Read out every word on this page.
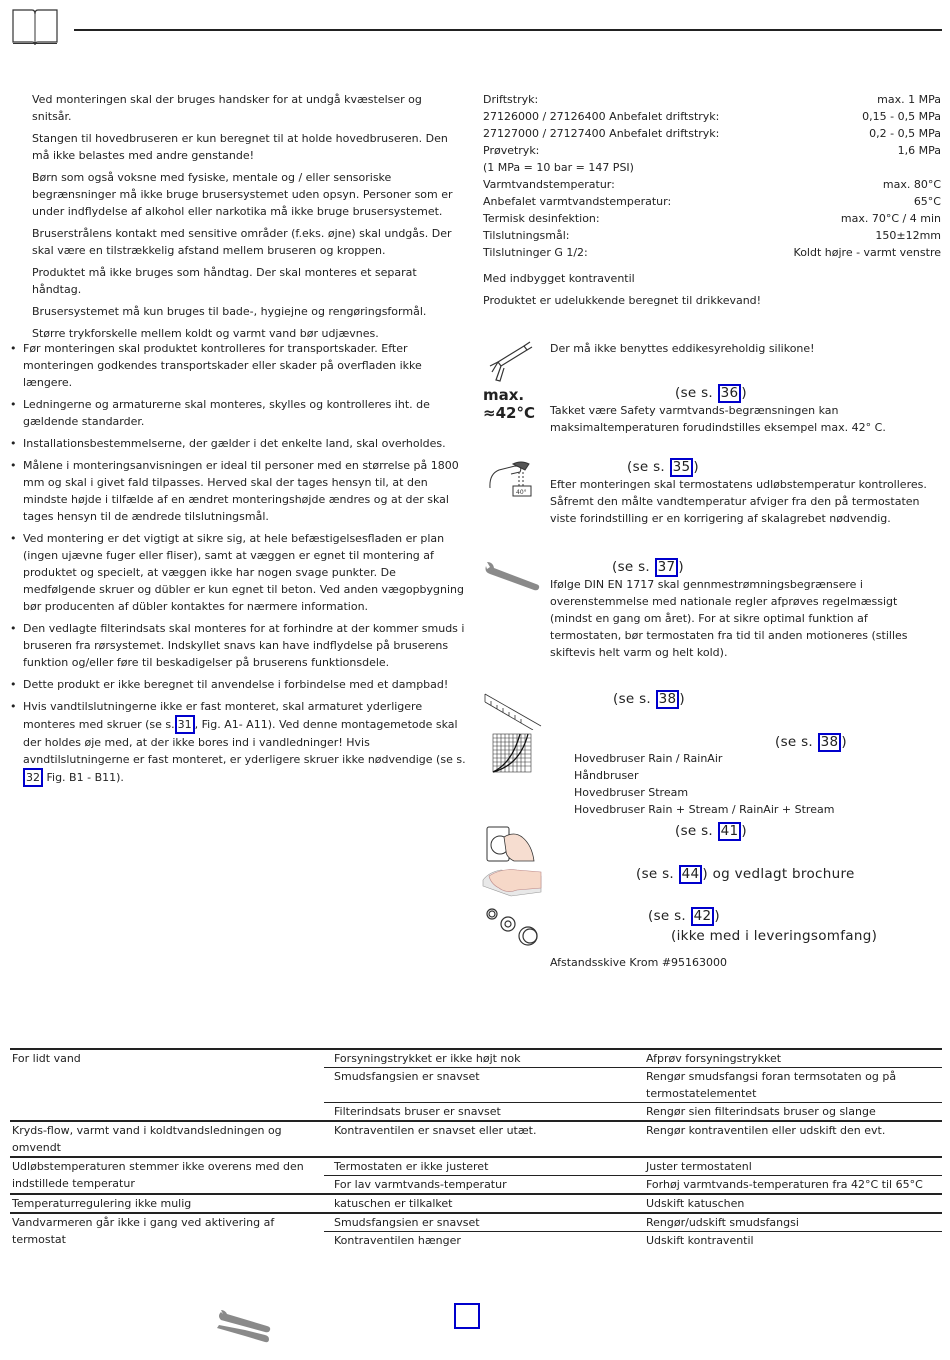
Ved monteringen skal der bruges handsker for at undgå kvæstelser og snitsår.

Stangen til hovedbruseren er kun beregnet til at holde hovedbruseren. Den må ikke belastes med andre genstande!

Børn som også voksne med fysiske, mentale og / eller sensoriske begrænsninger må ikke bruge brusersystemet uden opsyn. Personer som er under indflydelse af alkohol eller narkotika må ikke bruge brusersystemet.

Bruserstrålens kontakt med sensitive områder (f.eks. øjne) skal undgås. Der skal være en tilstrækkelig afstand mellem bruseren og kroppen.

Produktet må ikke bruges som håndtag. Der skal monteres et separat håndtag.

Brusersystemet må kun bruges til bade-, hygiejne og rengøringsformål.

Større trykforskelle mellem koldt og varmt vand bør udjævnes.

Driftstryk:	max. 1 MPa
27126000 / 27126400 Anbefalet driftstryk:	0,15 - 0,5 MPa
27127000 / 27127400 Anbefalet driftstryk:	0,2 - 0,5 MPa
Prøvetryk:	1,6 MPa
(1 MPa = 10 bar = 147 PSI)
Varmtvandstemperatur:	max. 80°C
Anbefalet varmtvandstemperatur:	65°C
Termisk desinfektion:	max. 70°C / 4 min
Tilslutningsmål:	150±12mm
Tilslutninger G 1/2:	Koldt højre - varmt venstre

Med indbygget kontraventil

Produktet er udelukkende beregnet til drikkevand!

• Før monteringen skal produktet kontrolleres for transportskader. Efter monteringen godkendes transportskader eller skader på overfladen ikke længere.
• Ledningerne og armaturerne skal monteres, skylles og kontrolleres iht. de gældende standarder.
• Installationsbestemmelserne, der gælder i det enkelte land, skal overholdes.
• Målene i monteringsanvisningen er ideal til personer med en størrelse på 1800 mm og skal i givet fald tilpasses. Herved skal der tages hensyn til, at den mindste højde i tilfælde af en ændret monteringshøjde ændres og at der skal tages hensyn til de ændrede tilslutningsmål.
• Ved montering er det vigtigt at sikre sig, at hele befæstigelsesfladen er plan (ingen ujævne fuger eller fliser), samt at væggen er egnet til montering af produktet og specielt, at væggen ikke har nogen svage punkter. De medfølgende skruer og dübler er kun egnet til beton. Ved anden vægopbygning bør producenten af dübler kontaktes for nærmere information.
• Den vedlagte filterindsats skal monteres for at forhindre at der kommer smuds i bruseren fra rørsystemet. Indskyllet snavs kan have indflydelse på bruserens funktion og/eller føre til beskadigelser på bruserens funktionsdele.
• Dette produkt er ikke beregnet til anvendelse i forbindelse med et dampbad!
• Hvis vandtilslutningerne ikke er fast monteret, skal armaturet yderligere monteres med skruer (se s. 31 , Fig. A1- A11). Ved denne montagemetode skal der holdes øje med, at der ikke bores ind i vandledninger! Hvis avndtilslutningerne er fast monteret, er yderligere skruer ikke nødvendige (se s. 32 Fig. B1 - B11).
Der må ikke benyttes eddikesyreholdig silikone!
max.
≈42°C
(se s. 36 )
Takket være Safety varmtvands-begrænsningen kan maksimaltemperaturen forudindstilles eksempel max. 42° C.
40°
(se s. 35 )
Efter monteringen skal termostatens udløbstemperatur kontrolleres. Såfremt den målte vandtemperatur afviger fra den på termostaten viste forindstilling er en korrigering af skalagrebet nødvendig.
(se s. 37 )
Ifølge DIN EN 1717 skal gennmestrømningsbegrænsere i overenstemmelse med nationale regler afprøves regelmæssigt (mindst en gang om året). For at sikre optimal funktion af termostaten, bør termostaten fra tid til anden motioneres (stilles skiftevis helt varm og helt kold).
(se s. 38 )
(se s. 38 )
Hovedbruser Rain / RainAir
Håndbruser
Hovedbruser Stream
Hovedbruser Rain + Stream / RainAir + Stream
(se s. 41 )
(se s. 44 ) og vedlagt brochure
(se s. 42 )
(ikke med i leveringsomfang)
Afstandsskive Krom #95163000
For lidt vand	Forsyningstrykket er ikke højt nok	Afprøv forsyningstrykket
	Smudsfangsien er snavset	Rengør smudsfangsi foran termsotaten og på termostatelementet
	Filterindsats bruser er snavset	Rengør sien filterindsats bruser og slange
Kryds-flow, varmt vand i koldtvandsledningen og omvendt	Kontraventilen er snavset eller utæt.	Rengør kontraventilen eller udskift den evt.
Udløbstemperaturen stemmer ikke overens med den indstillede temperatur	Termostaten er ikke justeret	Juster termostatenl
	For lav varmtvands-temperatur	Forhøj varmtvands-temperaturen fra 42°C til 65°C
Temperaturregulering ikke mulig	katuschen er tilkalket	Udskift katuschen
Vandvarmeren går ikke i gang ved aktivering af termostat	Smudsfangsien er snavset	Rengør/udskift smudsfangsi
	Kontraventilen hænger	Udskift kontraventil
